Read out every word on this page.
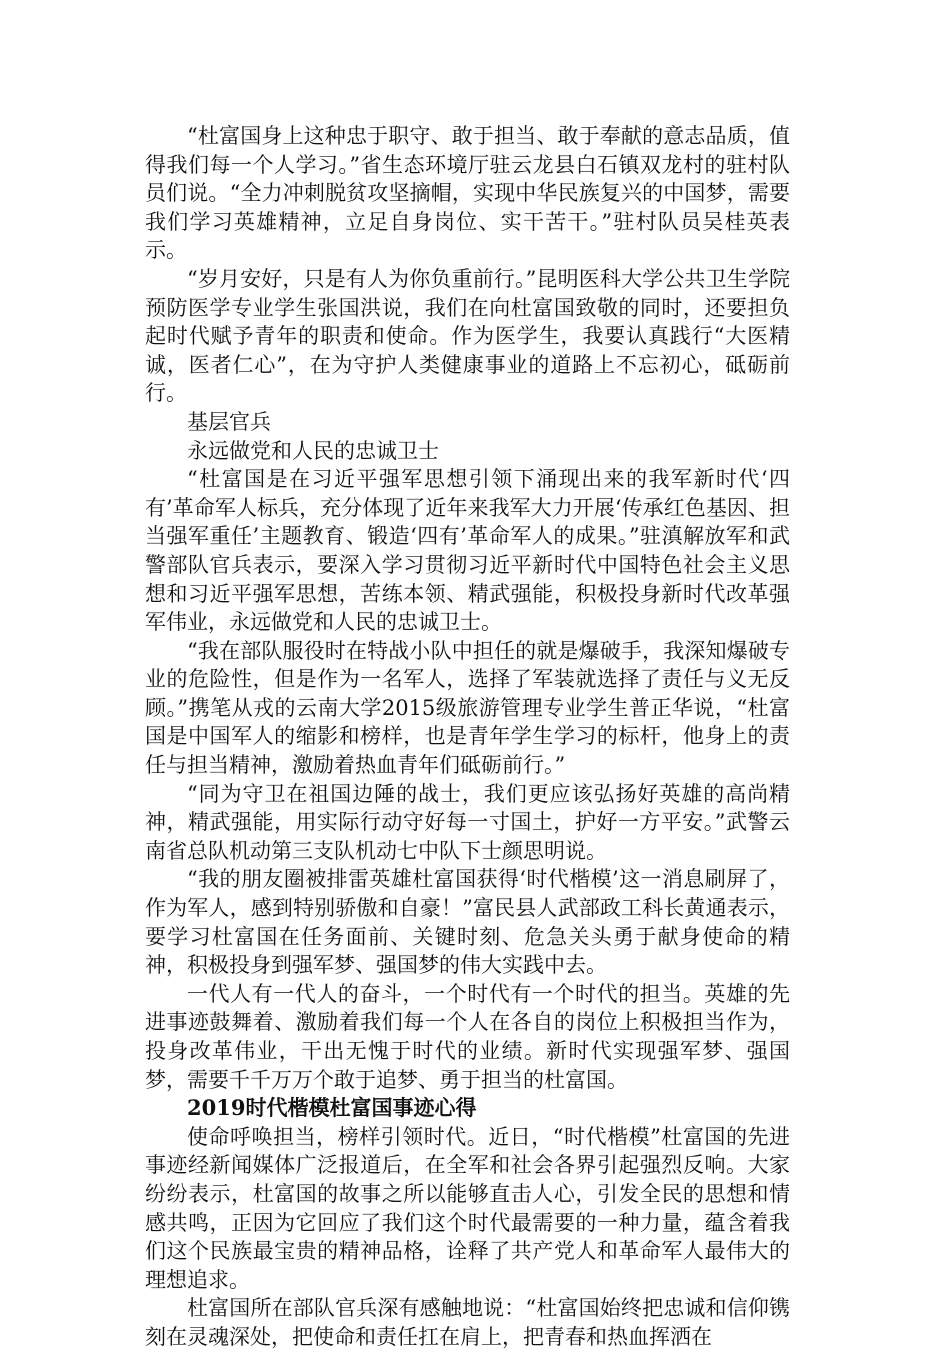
“杜富国身上这种忠于职守、敢于担当、敢于奉献的意志品质，值得我们每一个人学习。”省生态环境厅驻云龙县白石镇双龙村的驻村队员们说。“全力冲刺脱贫攻坚摘帽，实现中华民族复兴的中国梦，需要我们学习英雄精神，立足自身岗位、实干苦干。”驻村队员吴桂英表示。

“岁月安好，只是有人为你负重前行。”昆明医科大学公共卫生学院预防医学专业学生张国洪说，我们在向杜富国致敬的同时，还要担负起时代赋予青年的职责和使命。作为医学生，我要认真践行“大医精诚，医者仁心”，在为守护人类健康事业的道路上不忘初心，砥砺前行。

基层官兵

永远做党和人民的忠诚卫士

“杜富国是在习近平强军思想引领下涌现出来的我军新时代‘四有’革命军人标兵，充分体现了近年来我军大力开展‘传承红色基因、担当强军重任’主题教育、锻造‘四有’革命军人的成果。”驻滇解放军和武警部队官兵表示，要深入学习贯彻习近平新时代中国特色社会主义思想和习近平强军思想，苦练本领、精武强能，积极投身新时代改革强军伟业，永远做党和人民的忠诚卫士。

“我在部队服役时在特战小队中担任的就是爆破手，我深知爆破专业的危险性，但是作为一名军人，选择了军装就选择了责任与义无反顾。”携笔从戎的云南大学2015级旅游管理专业学生普正华说，“杜富国是中国军人的缩影和榜样，也是青年学生学习的标杆，他身上的责任与担当精神，激励着热血青年们砥砺前行。”

“同为守卫在祖国边陲的战士，我们更应该弘扬好英雄的高尚精神，精武强能，用实际行动守好每一寸国土，护好一方平安。”武警云南省总队机动第三支队机动七中队下士颜思明说。

“我的朋友圈被排雷英雄杜富国获得‘时代楷模’这一消息刷屏了，作为军人，感到特别骄傲和自豪！”富民县人武部政工科长黄通表示，要学习杜富国在任务面前、关键时刻、危急关头勇于献身使命的精神，积极投身到强军梦、强国梦的伟大实践中去。

一代人有一代人的奋斗，一个时代有一个时代的担当。英雄的先进事迹鼓舞着、激励着我们每一个人在各自的岗位上积极担当作为，投身改革伟业，干出无愧于时代的业绩。新时代实现强军梦、强国梦，需要千千万万个敢于追梦、勇于担当的杜富国。

2019时代楷模杜富国事迹心得

使命呼唤担当，榜样引领时代。近日，“时代楷模”杜富国的先进事迹经新闻媒体广泛报道后，在全军和社会各界引起强烈反响。大家纷纷表示，杜富国的故事之所以能够直击人心，引发全民的思想和情感共鸣，正因为它回应了我们这个时代最需要的一种力量，蕴含着我们这个民族最宝贵的精神品格，诠释了共产党人和革命军人最伟大的理想追求。

杜富国所在部队官兵深有感触地说：“杜富国始终把忠诚和信仰镌刻在灵魂深处，把使命和责任扛在肩上，把青春和热血挥洒在
